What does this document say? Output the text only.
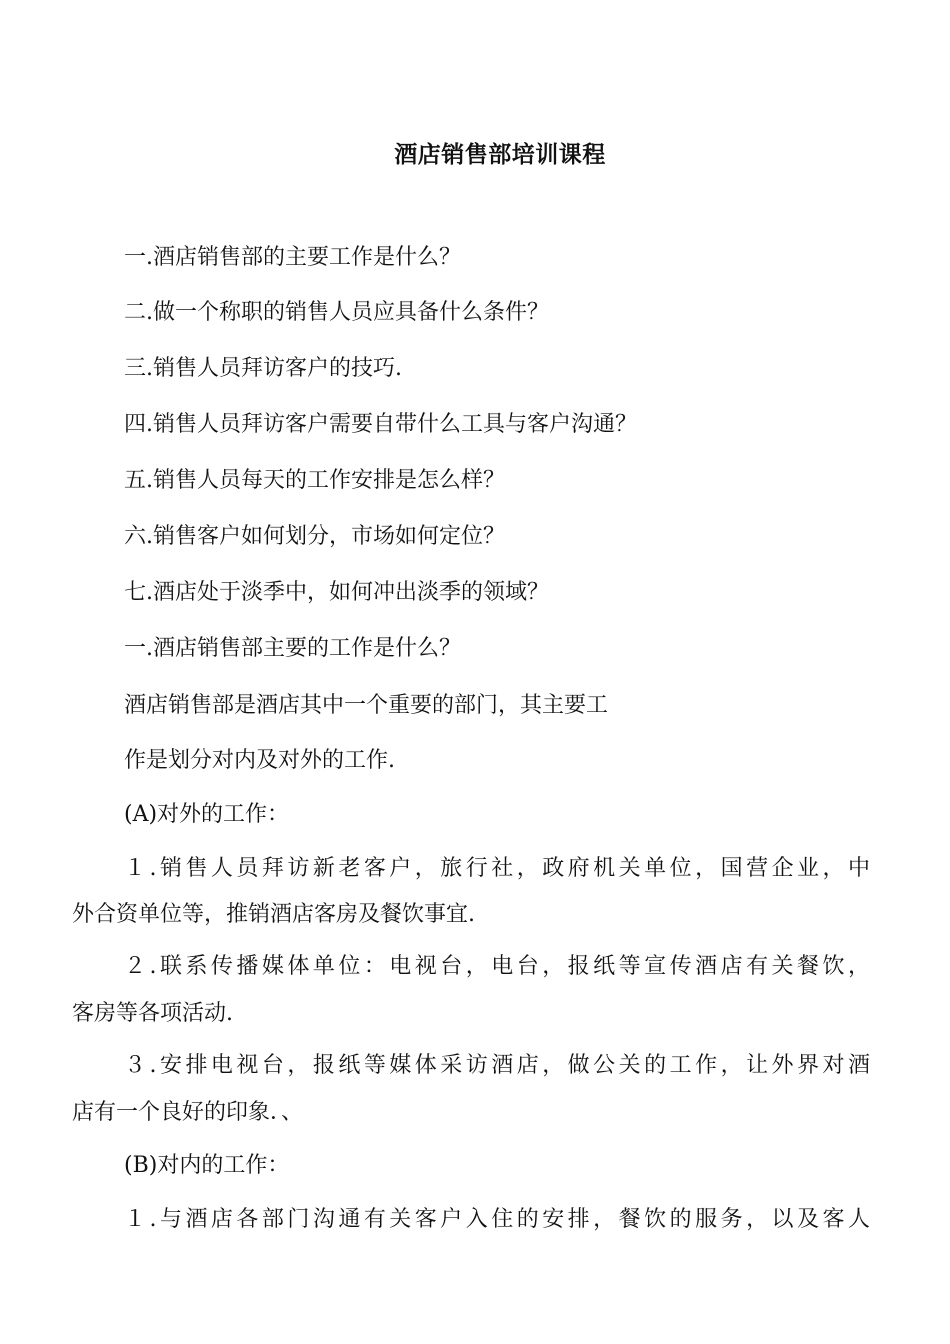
酒店销售部培训课程
一.酒店销售部的主要工作是什么？
二.做一个称职的销售人员应具备什么条件？
三.销售人员拜访客户的技巧.
四.销售人员拜访客户需要自带什么工具与客户沟通？
五.销售人员每天的工作安排是怎么样？
六.销售客户如何划分，市场如何定位？
七.酒店处于淡季中，如何冲出淡季的领域？
一.酒店销售部主要的工作是什么？
酒店销售部是酒店其中一个重要的部门，其主要工
作是划分对内及对外的工作.
(A)对外的工作：
１.销售人员拜访新老客户，旅行社，政府机关单位，国营企业，中
外合资单位等，推销酒店客房及餐饮事宜.
２.联系传播媒体单位：电视台，电台，报纸等宣传酒店有关餐饮，
客房等各项活动.
３.安排电视台，报纸等媒体采访酒店，做公关的工作，让外界对酒
店有一个良好的印象．、
(B)对内的工作：
１.与酒店各部门沟通有关客户入住的安排，餐饮的服务，以及客人
